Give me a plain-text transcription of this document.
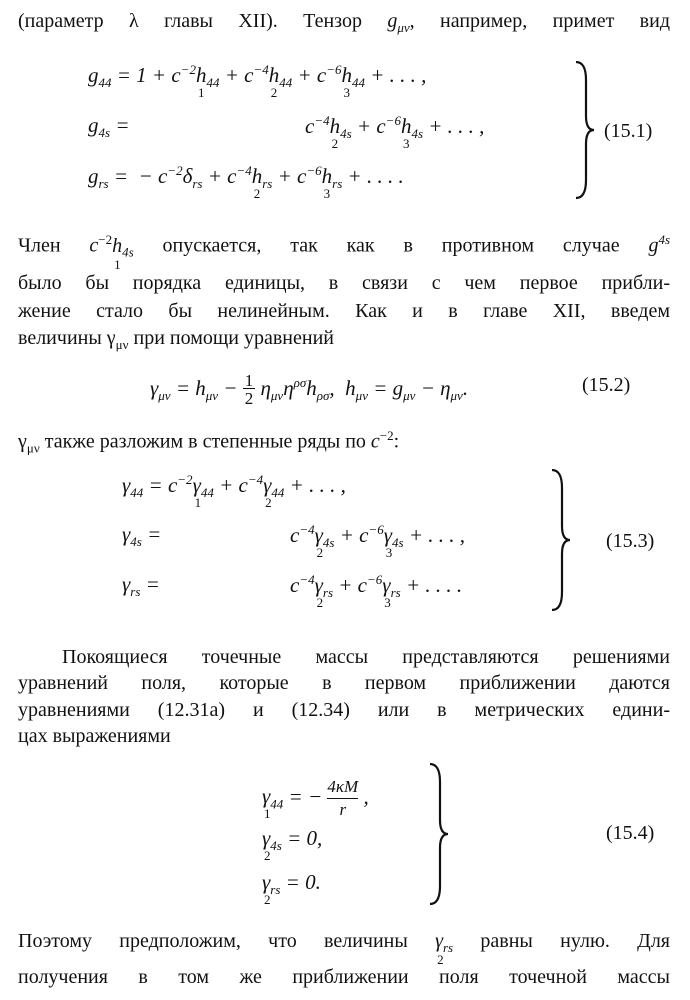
(параметр λ главы XII). Тензор $g_{\mu\nu}$, например, примет вид
$g_{44} = 1 + c^{-2}h$
1
$_{44} + c^{-4}h$
2
$_{44} + c^{-6}h$
3
$_{44}$ + . . . ,
$g_{4s}$ =	$c^{-4}h$
2
$_{4s} + c^{-6}h$
3
$_{4s}$ + . . . ,
$g_{rs}$ =  − $c^{-2}\delta_{rs} + c^{-4}h$
2
$_{rs} + c^{-6}h$
3
$_{rs}$ + . . . .
(15.1)
Член $c^{-2}h$
1
$_{4s}$ опускается, так как в противном случае $g^{4s}$
было бы порядка единицы, в связи с чем первое прибли-
жение стало бы нелинейным. Как и в главе XII, введем
величины $\gamma_{\mu\nu}$ при помощи уравнений
$\gamma_{\mu\nu} = h_{\mu\nu} - 1$
2 $\eta_{\mu\nu}\eta^{\rho\sigma}h_{\rho\sigma}$,  $h_{\mu\nu} = g_{\mu\nu} - \eta_{\mu\nu}$.	(15.2)
$\gamma_{\mu\nu}$ также разложим в степенные ряды по $c^{-2}$:
$\gamma_{44} = c^{-2}\gamma$
1
$_{44} + c^{-4}\gamma$
2
$_{44}$ + . . . ,
$\gamma_{4s}$ =	$c^{-4}\gamma$
2
$_{4s} + c^{-6}\gamma$
3
$_{4s}$ + . . . ,
$\gamma_{rs}$ =	$c^{-4}\gamma$
2
$_{rs} + c^{-6}\gamma$
3
$_{rs}$ + . . . .
(15.3)
Покоящиеся точечные массы представляются решениями
уравнений поля, которые в первом приближении даются
уравнениями (12.31a) и (12.34) или в метрических едини-
цах выражениями
γ
1
$_{44}$ = − $\frac{4\kappa M}{r}$ ,
γ
2
$_{4s}$ = 0,
γ
2
$_{rs}$ = 0.
(15.4)
Поэтому предположим, что величины γ
2
$_{rs}$ равны нулю. Для
получения в том же приближении поля точечной массы
